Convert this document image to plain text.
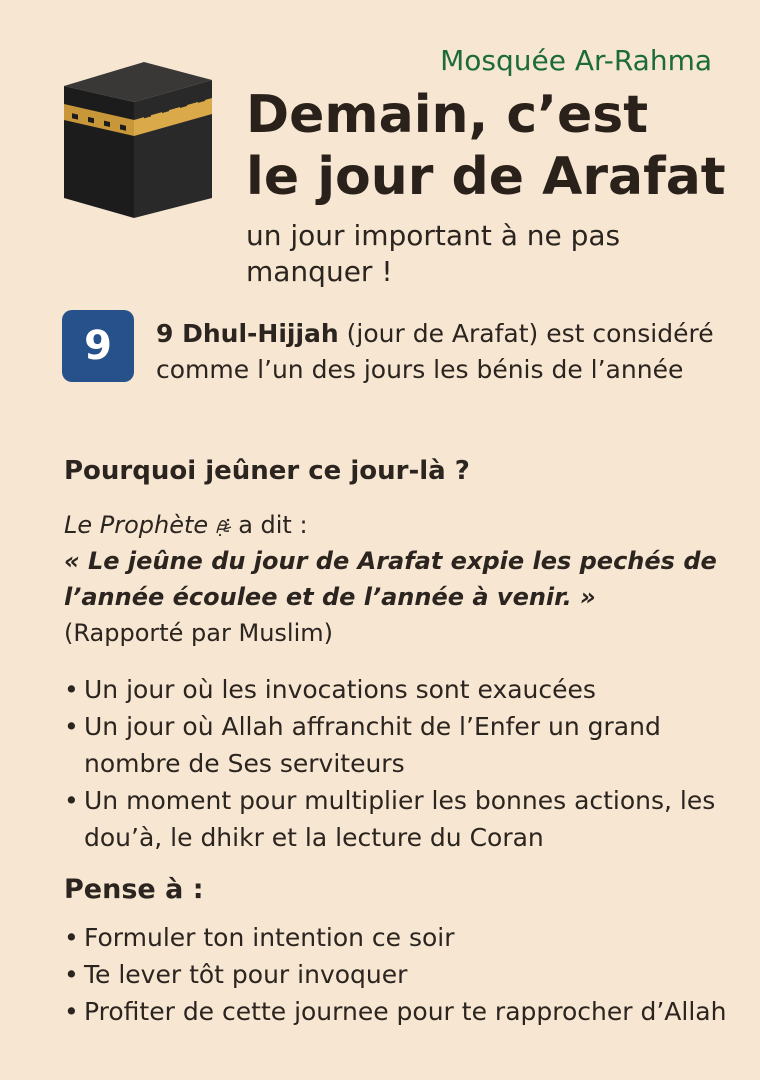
Mosquée Ar-Rahma
Demain, c’est
le jour de Arafat
un jour important à ne pas manquer !
9	9 Dhul-Hijjah (jour de Arafat) est considéré comme l’un des jours les bénis de l’année
Pourquoi jeûner ce jour-là ?
Le Prophète a dit :
« Le jeûne du jour de Arafat expie les pechés de l’année écoulee et de l’année à venir. »
(Rapporté par Muslim)
• Un jour où les invocations sont exaucées
• Un jour où Allah affranchit de l’Enfer un grand nombre de Ses serviteurs
• Un moment pour multiplier les bonnes actions, les dou’à, le dhikr et la lecture du Coran
Pense à :
• Formuler ton intention ce soir
• Te lever tôt pour invoquer
• Profiter de cette journee pour te rapprocher d’Allah
